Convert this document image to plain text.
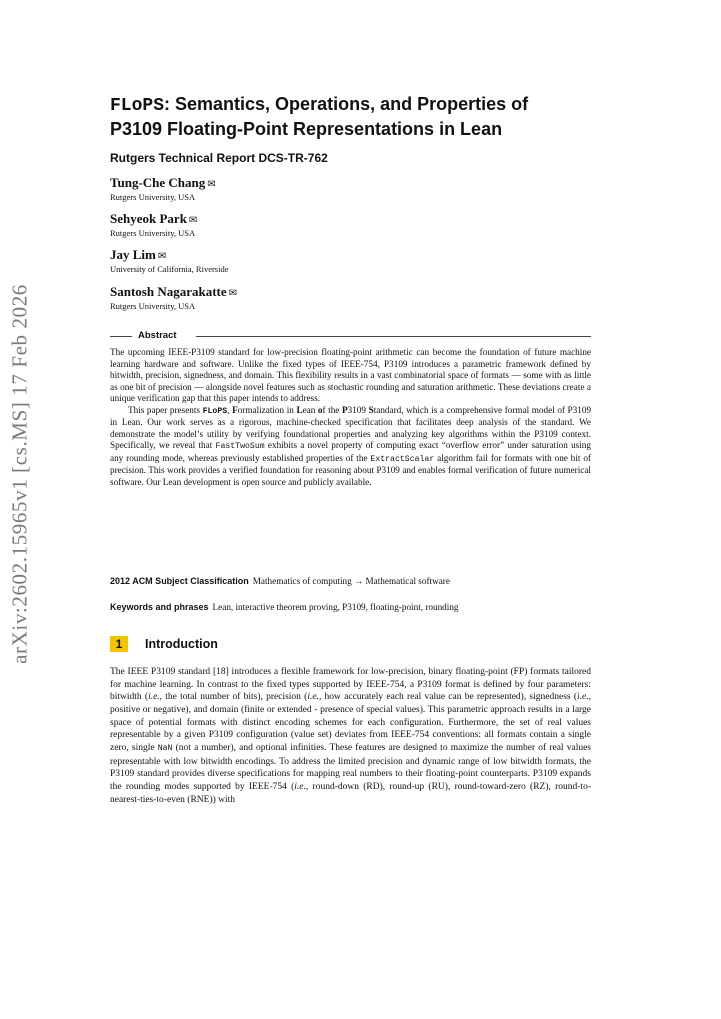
arXiv:2602.15965v1 [cs.MS] 17 Feb 2026
FLoPS: Semantics, Operations, and Properties of
P3109 Floating-Point Representations in Lean
Rutgers Technical Report DCS-TR-762
Tung-Che Chang ✉
Rutgers University, USA
Sehyeok Park ✉
Rutgers University, USA
Jay Lim ✉
University of California, Riverside
Santosh Nagarakatte ✉
Rutgers University, USA
Abstract

The upcoming IEEE-P3109 standard for low-precision floating-point arithmetic can become the foundation of future machine learning hardware and software. Unlike the fixed types of IEEE-754, P3109 introduces a parametric framework defined by bitwidth, precision, signedness, and domain. This flexibility results in a vast combinatorial space of formats — some with as little as one bit of precision — alongside novel features such as stochastic rounding and saturation arithmetic. These deviations create a unique verification gap that this paper intends to address.

This paper presents FLoPS, Formalization in Lean of the P3109 Standard, which is a comprehensive formal model of P3109 in Lean. Our work serves as a rigorous, machine-checked specification that facilitates deep analysis of the standard. We demonstrate the model’s utility by verifying foundational properties and analyzing key algorithms within the P3109 context. Specifically, we reveal that FastTwoSum exhibits a novel property of computing exact “overflow error” under saturation using any rounding mode, whereas previously established properties of the ExtractScalar algorithm fail for formats with one bit of precision. This work provides a verified foundation for reasoning about P3109 and enables formal verification of future numerical software. Our Lean development is open source and publicly available.

2012 ACM Subject Classification Mathematics of computing → Mathematical software
Keywords and phrases Lean, interactive theorem proving, P3109, floating-point, rounding
1	Introduction

The IEEE P3109 standard [18] introduces a flexible framework for low-precision, binary floating-point (FP) formats tailored for machine learning. In contrast to the fixed types supported by IEEE-754, a P3109 format is defined by four parameters: bitwidth (i.e., the total number of bits), precision (i.e., how accurately each real value can be represented), signedness (i.e., positive or negative), and domain (finite or extended - presence of special values). This parametric approach results in a large space of potential formats with distinct encoding schemes for each configuration. Furthermore, the set of real values representable by a given P3109 configuration (value set) deviates from IEEE-754 conventions: all formats contain a single zero, single NaN (not a number), and optional infinities. These features are designed to maximize the number of real values representable with low bitwidth encodings. To address the limited precision and dynamic range of low bitwidth formats, the P3109 standard provides diverse specifications for mapping real numbers to their floating-point counterparts. P3109 expands the rounding modes supported by IEEE-754 (i.e., round-down (RD), round-up (RU), round-toward-zero (RZ), round-to-nearest-ties-to-even (RNE)) with
